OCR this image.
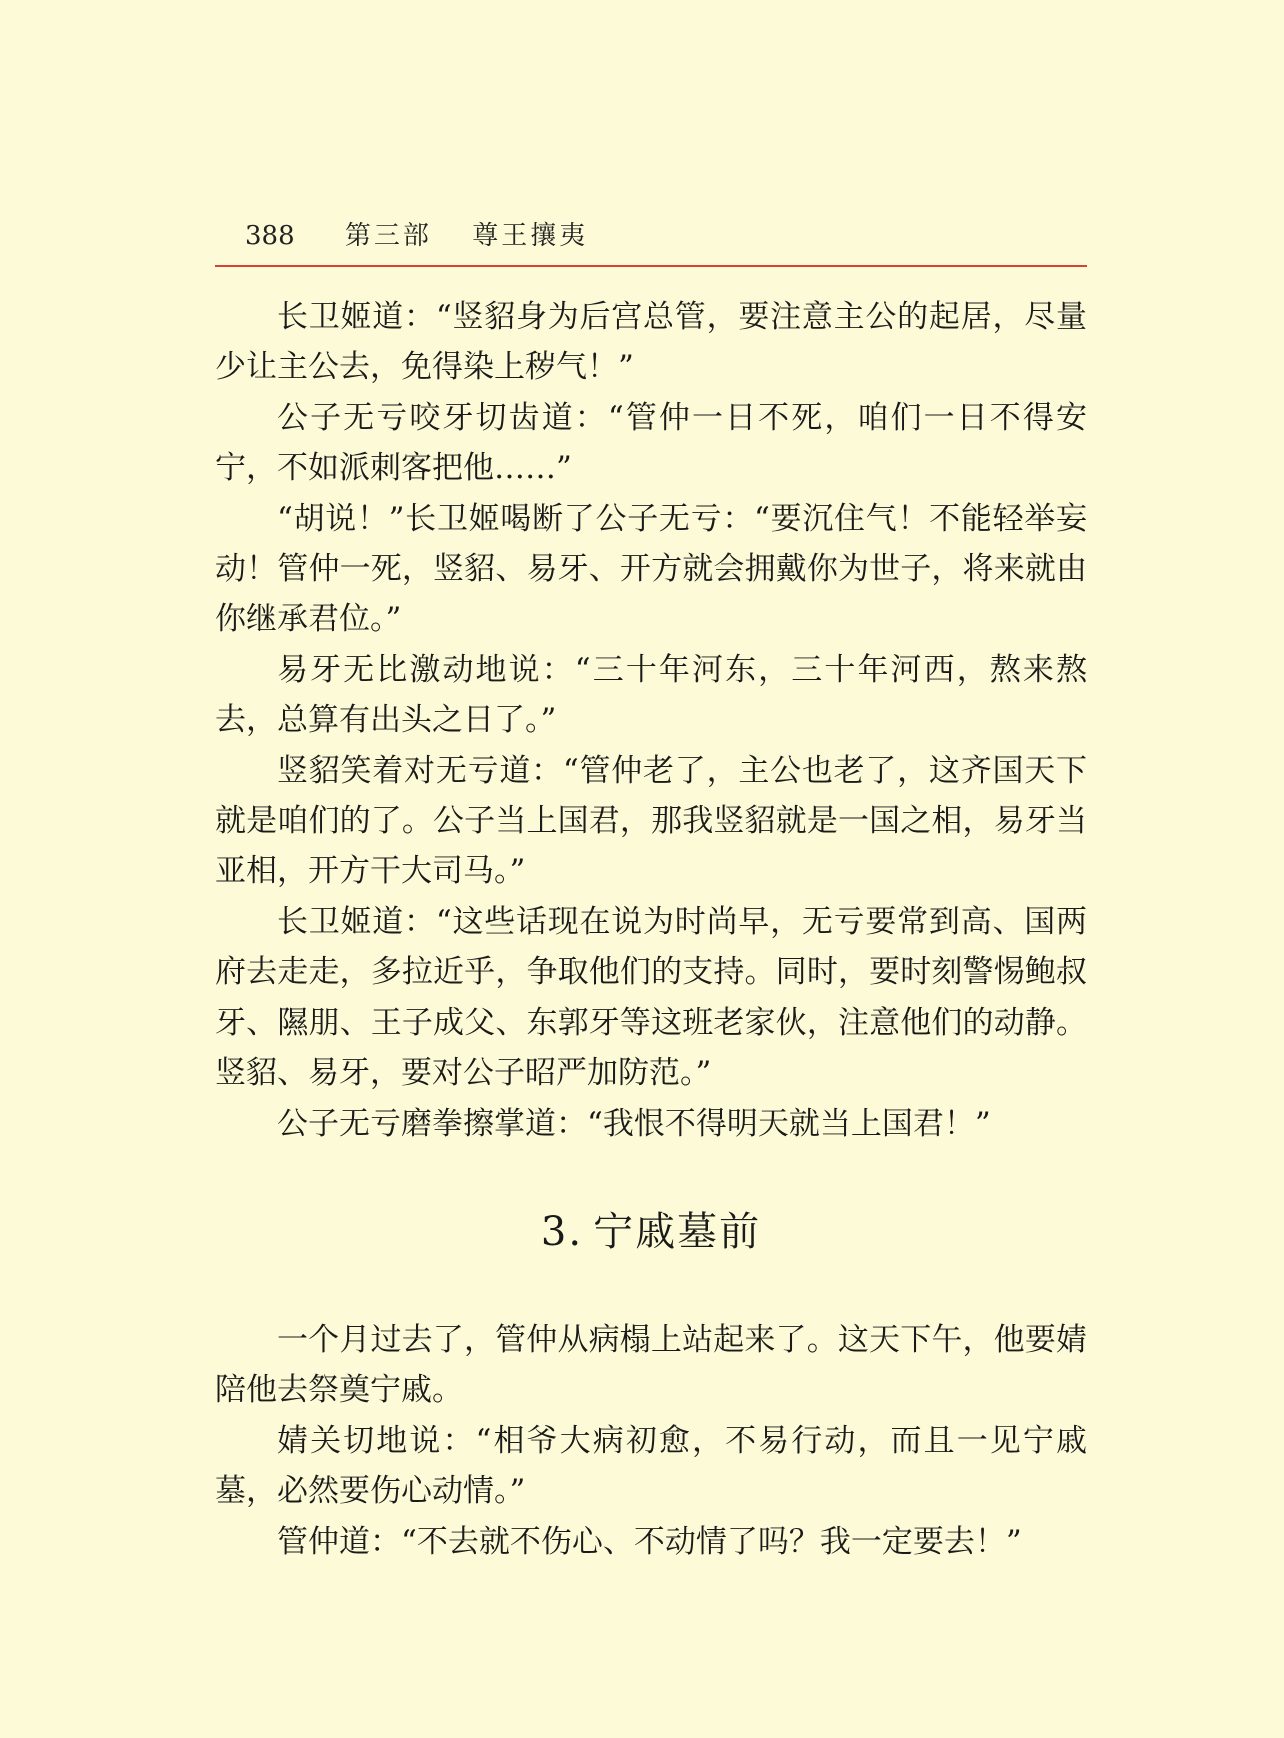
388 第三部 尊王攘夷

长卫姬道：“竖貂身为后宫总管，要注意主公的起居，尽量少让主公去，免得染上秽气！”

公子无亏咬牙切齿道：“管仲一日不死，咱们一日不得安宁，不如派刺客把他……”

“胡说！”长卫姬喝断了公子无亏：“要沉住气！不能轻举妄动！管仲一死，竖貂、易牙、开方就会拥戴你为世子，将来就由你继承君位。”

易牙无比激动地说：“三十年河东，三十年河西，熬来熬去，总算有出头之日了。”

竖貂笑着对无亏道：“管仲老了，主公也老了，这齐国天下就是咱们的了。公子当上国君，那我竖貂就是一国之相，易牙当亚相，开方干大司马。”

长卫姬道：“这些话现在说为时尚早，无亏要常到高、国两府去走走，多拉近乎，争取他们的支持。同时，要时刻警惕鲍叔牙、隰朋、王子成父、东郭牙等这班老家伙，注意他们的动静。竖貂、易牙，要对公子昭严加防范。”

公子无亏磨拳擦掌道：“我恨不得明天就当上国君！”

3. 宁戚墓前

一个月过去了，管仲从病榻上站起来了。这天下午，他要婧陪他去祭奠宁戚。

婧关切地说：“相爷大病初愈，不易行动，而且一见宁戚墓，必然要伤心动情。”

管仲道：“不去就不伤心、不动情了吗？我一定要去！”
